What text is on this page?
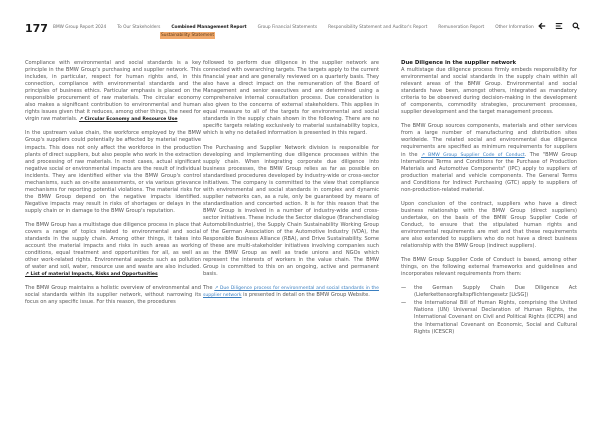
177 BMW Group Report 2024	To Our Stakeholders	Combined Management Report	Group Financial Statements	Responsibility Statement and Auditor's Report	Remuneration Report	Other Information
Sustainability Statement

Compliance with environmental and social standards is a key principle in the BMW Group's purchasing and supplier network. This includes, in particular, respect for human rights and, in this connection, compliance with environmental standards and the principles of business ethics. Particular emphasis is placed on the responsible procurement of raw materials. The circular economy also makes a significant contribution to environmental and human rights issues given that it reduces, among other things, the need for virgin raw materials. ↗ Circular Economy and Resource Use

In the upstream value chain, the workforce employed by the BMW Group's suppliers could potentially be affected by material negative impacts. This does not only affect the workforce in the production plants of direct suppliers, but also people who work in the extraction and processing of raw materials. In most cases, actual significant negative social or environmental impacts are the result of individual incidents. They are identified either via the BMW Group's control mechanisms, such as on-site assessments, or via various grievance mechanisms for reporting potential violations. The material risks for the BMW Group depend on the negative impacts identified. Negative impacts may result in risks of shortages or delays in the supply chain or in damage to the BMW Group's reputation.

The BMW Group has a multistage due diligence process in place that covers a range of topics related to environmental and social standards in the supply chain. Among other things, it takes into account the material impacts and risks in such areas as working conditions, equal treatment and opportunities for all, as well as other work-related rights. Environmental aspects such as pollution of water and soil, water, resource use and waste are also included. ↗ List of material Impacts, Risks and Opportunities

The BMW Group maintains a holistic overview of environmental and social standards within its supplier network, without narrowing its focus on any specific issue. For this reason, the procedures

followed to perform due diligence in the supplier network are connected with overarching targets. The targets apply to the current financial year and are generally reviewed on a quarterly basis. They also have a direct impact on the remuneration of the Board of Management and senior executives and are determined using a comprehensive internal consultation process. Due consideration is also given to the concerns of external stakeholders. This applies in equal measure to all of the targets for environmental and social standards in the supply chain shown in the following. There are no specific targets relating exclusively to material sustainability topics, which is why no detailed information is presented in this regard.

The Purchasing and Supplier Network division is responsible for developing and implementing due diligence processes within the supply chain. When integrating corporate due diligence into business processes, the BMW Group relies as far as possible on standardised procedures developed by industry-wide or cross-sector initiatives. The company is committed to the view that compliance with environmental and social standards in complex and dynamic supplier networks can, as a rule, only be guaranteed by means of standardisation and concerted action. It is for this reason that the BMW Group is involved in a number of industry-wide and cross-sector initiatives. These include the Sector dialogue (Branchendialog Automobilindustrie), the Supply Chain Sustainability Working Group of the German Association of the Automotive Industry (VDA), the Responsible Business Alliance (RBA), and Drive Sustainability. Some of these are multi-stakeholder initiatives involving companies such as the BMW Group as well as trade unions and NGOs which represent the interests of workers in the value chain. The BMW Group is committed to this on an ongoing, active and permanent basis.

The ↗ Due Diligence process for environmental and social standards in the supplier network is presented in detail on the BMW Group Website.

Due Diligence in the supplier network

A multistage due diligence process firmly embeds responsibility for environmental and social standards in the supply chain within all relevant areas of the BMW Group. Environmental and social standards have been, amongst others, integrated as mandatory criteria to be observed during decision-making in the development of components, commodity strategies, procurement processes, supplier development and the target management process.

The BMW Group sources components, materials and other services from a large number of manufacturing and distribution sites worldwide. The related social and environmental due diligence requirements are specified as minimum requirements for suppliers in the ↗ BMW Group Supplier Code of Conduct. The "BMW Group International Terms and Conditions for the Purchase of Production Materials and Automotive Components" (IPC) apply to suppliers of production material and vehicle components. The General Terms and Conditions for Indirect Purchasing (GTC) apply to suppliers of non-production-related material.

Upon conclusion of the contract, suppliers who have a direct business relationship with the BMW Group (direct suppliers) undertake, on the basis of the BMW Group Supplier Code of Conduct, to ensure that the stipulated human rights and environmental requirements are met and that these requirements are also extended to suppliers who do not have a direct business relationship with the BMW Group (indirect suppliers).

The BMW Group Supplier Code of Conduct is based, among other things, on the following external frameworks and guidelines and incorporates relevant requirements from them:

— the German Supply Chain Due Diligence Act (Lieferkettensorgfaltspflichtengesetz [LkSG])
— the International Bill of Human Rights, comprising the United Nations (UN) Universal Declaration of Human Rights, the International Covenant on Civil and Political Rights (ICCPR) and the International Covenant on Economic, Social and Cultural Rights (ICESCR)
